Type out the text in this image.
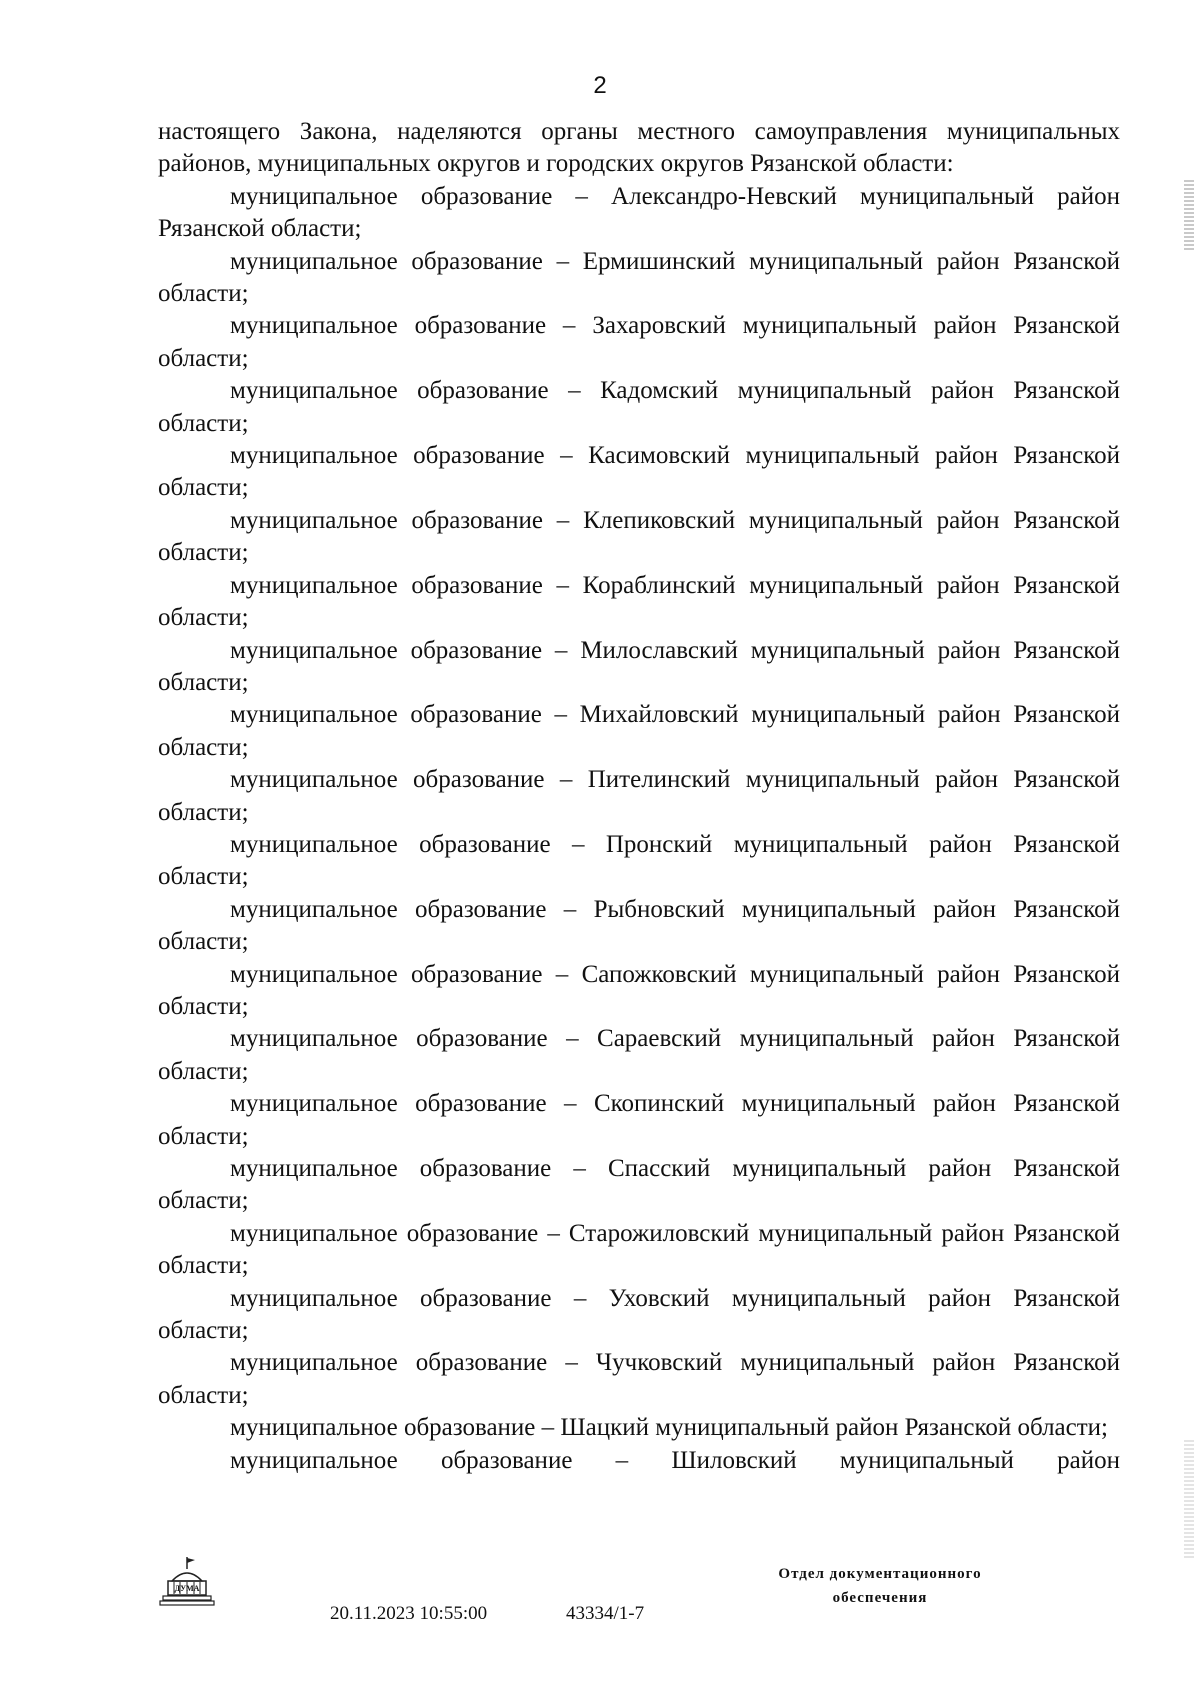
2

настоящего Закона, наделяются органы местного самоуправления муниципальных районов, муниципальных округов и городских округов Рязанской области:

муниципальное образование – Александро-Невский муниципальный район Рязанской области;

муниципальное образование – Ермишинский муниципальный район Рязанской области;

муниципальное образование – Захаровский муниципальный район Рязанской области;

муниципальное образование – Кадомский муниципальный район Рязанской области;

муниципальное образование – Касимовский муниципальный район Рязанской области;

муниципальное образование – Клепиковский муниципальный район Рязанской области;

муниципальное образование – Кораблинский муниципальный район Рязанской области;

муниципальное образование – Милославский муниципальный район Рязанской области;

муниципальное образование – Михайловский муниципальный район Рязанской области;

муниципальное образование – Пителинский муниципальный район Рязанской области;

муниципальное образование – Пронский муниципальный район Рязанской области;

муниципальное образование – Рыбновский муниципальный район Рязанской области;

муниципальное образование – Сапожковский муниципальный район Рязанской области;

муниципальное образование – Сараевский муниципальный район Рязанской области;

муниципальное образование – Скопинский муниципальный район Рязанской области;

муниципальное образование – Спасский муниципальный район Рязанской области;

муниципальное образование – Старожиловский муниципальный район Рязанской области;

муниципальное образование – Уховский муниципальный район Рязанской области;

муниципальное образование – Чучковский муниципальный район Рязанской области;

муниципальное образование – Шацкий муниципальный район Рязанской области;

муниципальное образование – Шиловский муниципальный район

ДУМА
20.11.2023 10:55:00	43334/1-7
Отдел документационного
обеспечения
